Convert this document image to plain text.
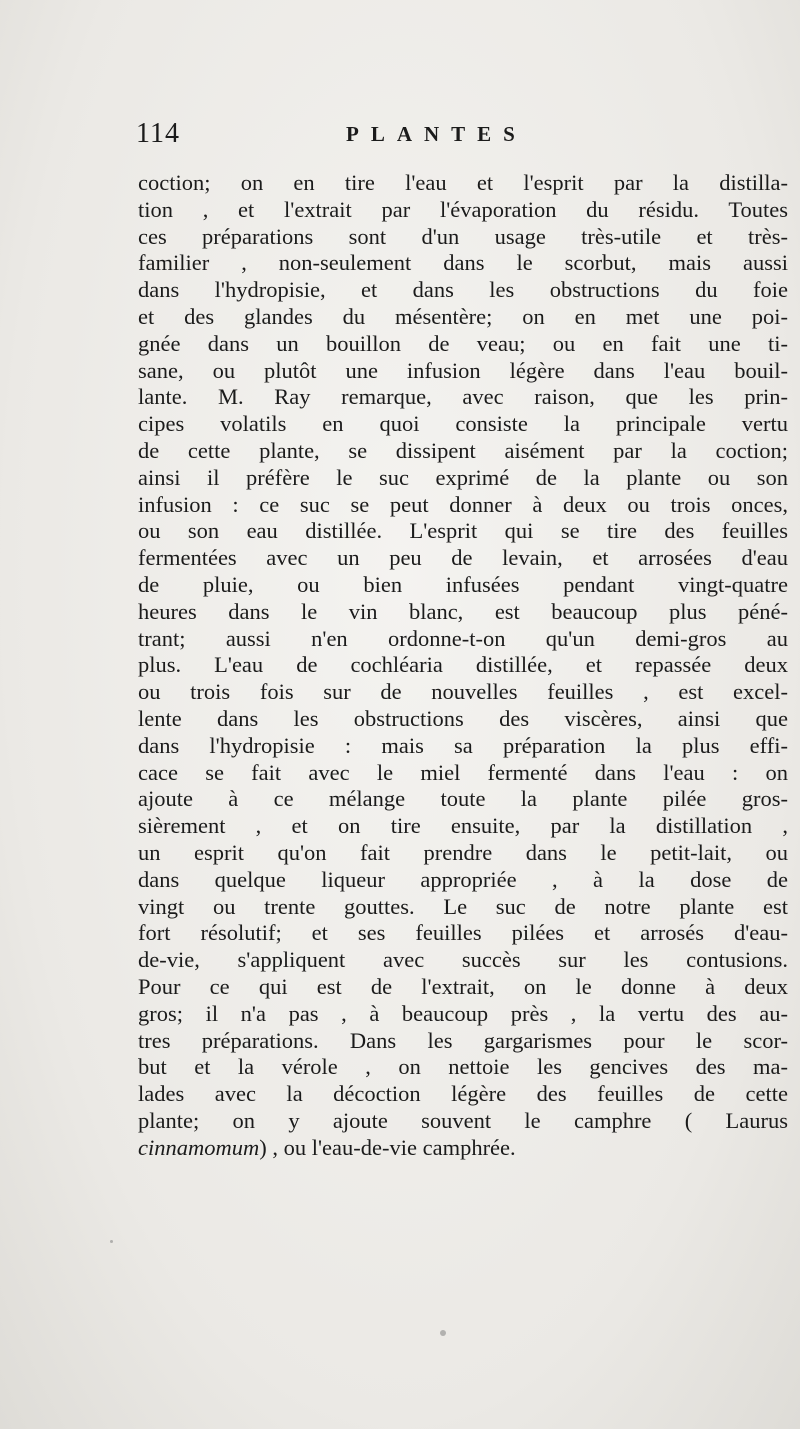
114	PLANTES
coction; on en tire l'eau et l'esprit par la distilla-
tion , et l'extrait par l'évaporation du résidu. Toutes
ces préparations sont d'un usage très-utile et très-
familier , non-seulement dans le scorbut, mais aussi
dans l'hydropisie, et dans les obstructions du foie
et des glandes du mésentère; on en met une poi-
gnée dans un bouillon de veau; ou en fait une ti-
sane, ou plutôt une infusion légère dans l'eau bouil-
lante. M. Ray remarque, avec raison, que les prin-
cipes volatils en quoi consiste la principale vertu
de cette plante, se dissipent aisément par la coction;
ainsi il préfère le suc exprimé de la plante ou son
infusion : ce suc se peut donner à deux ou trois onces,
ou son eau distillée. L'esprit qui se tire des feuilles
fermentées avec un peu de levain, et arrosées d'eau
de pluie, ou bien infusées pendant vingt-quatre
heures dans le vin blanc, est beaucoup plus péné-
trant; aussi n'en ordonne-t-on qu'un demi-gros au
plus. L'eau de cochléaria distillée, et repassée deux
ou trois fois sur de nouvelles feuilles , est excel-
lente dans les obstructions des viscères, ainsi que
dans l'hydropisie : mais sa préparation la plus effi-
cace se fait avec le miel fermenté dans l'eau : on
ajoute à ce mélange toute la plante pilée gros-
sièrement , et on tire ensuite, par la distillation ,
un esprit qu'on fait prendre dans le petit-lait, ou
dans quelque liqueur appropriée , à la dose de
vingt ou trente gouttes. Le suc de notre plante est
fort résolutif; et ses feuilles pilées et arrosés d'eau-
de-vie, s'appliquent avec succès sur les contusions.
Pour ce qui est de l'extrait, on le donne à deux
gros; il n'a pas , à beaucoup près , la vertu des au-
tres préparations. Dans les gargarismes pour le scor-
but et la vérole , on nettoie les gencives des ma-
lades avec la décoction légère des feuilles de cette
plante; on y ajoute souvent le camphre ( Laurus
cinnamomum) , ou l'eau-de-vie camphrée.
